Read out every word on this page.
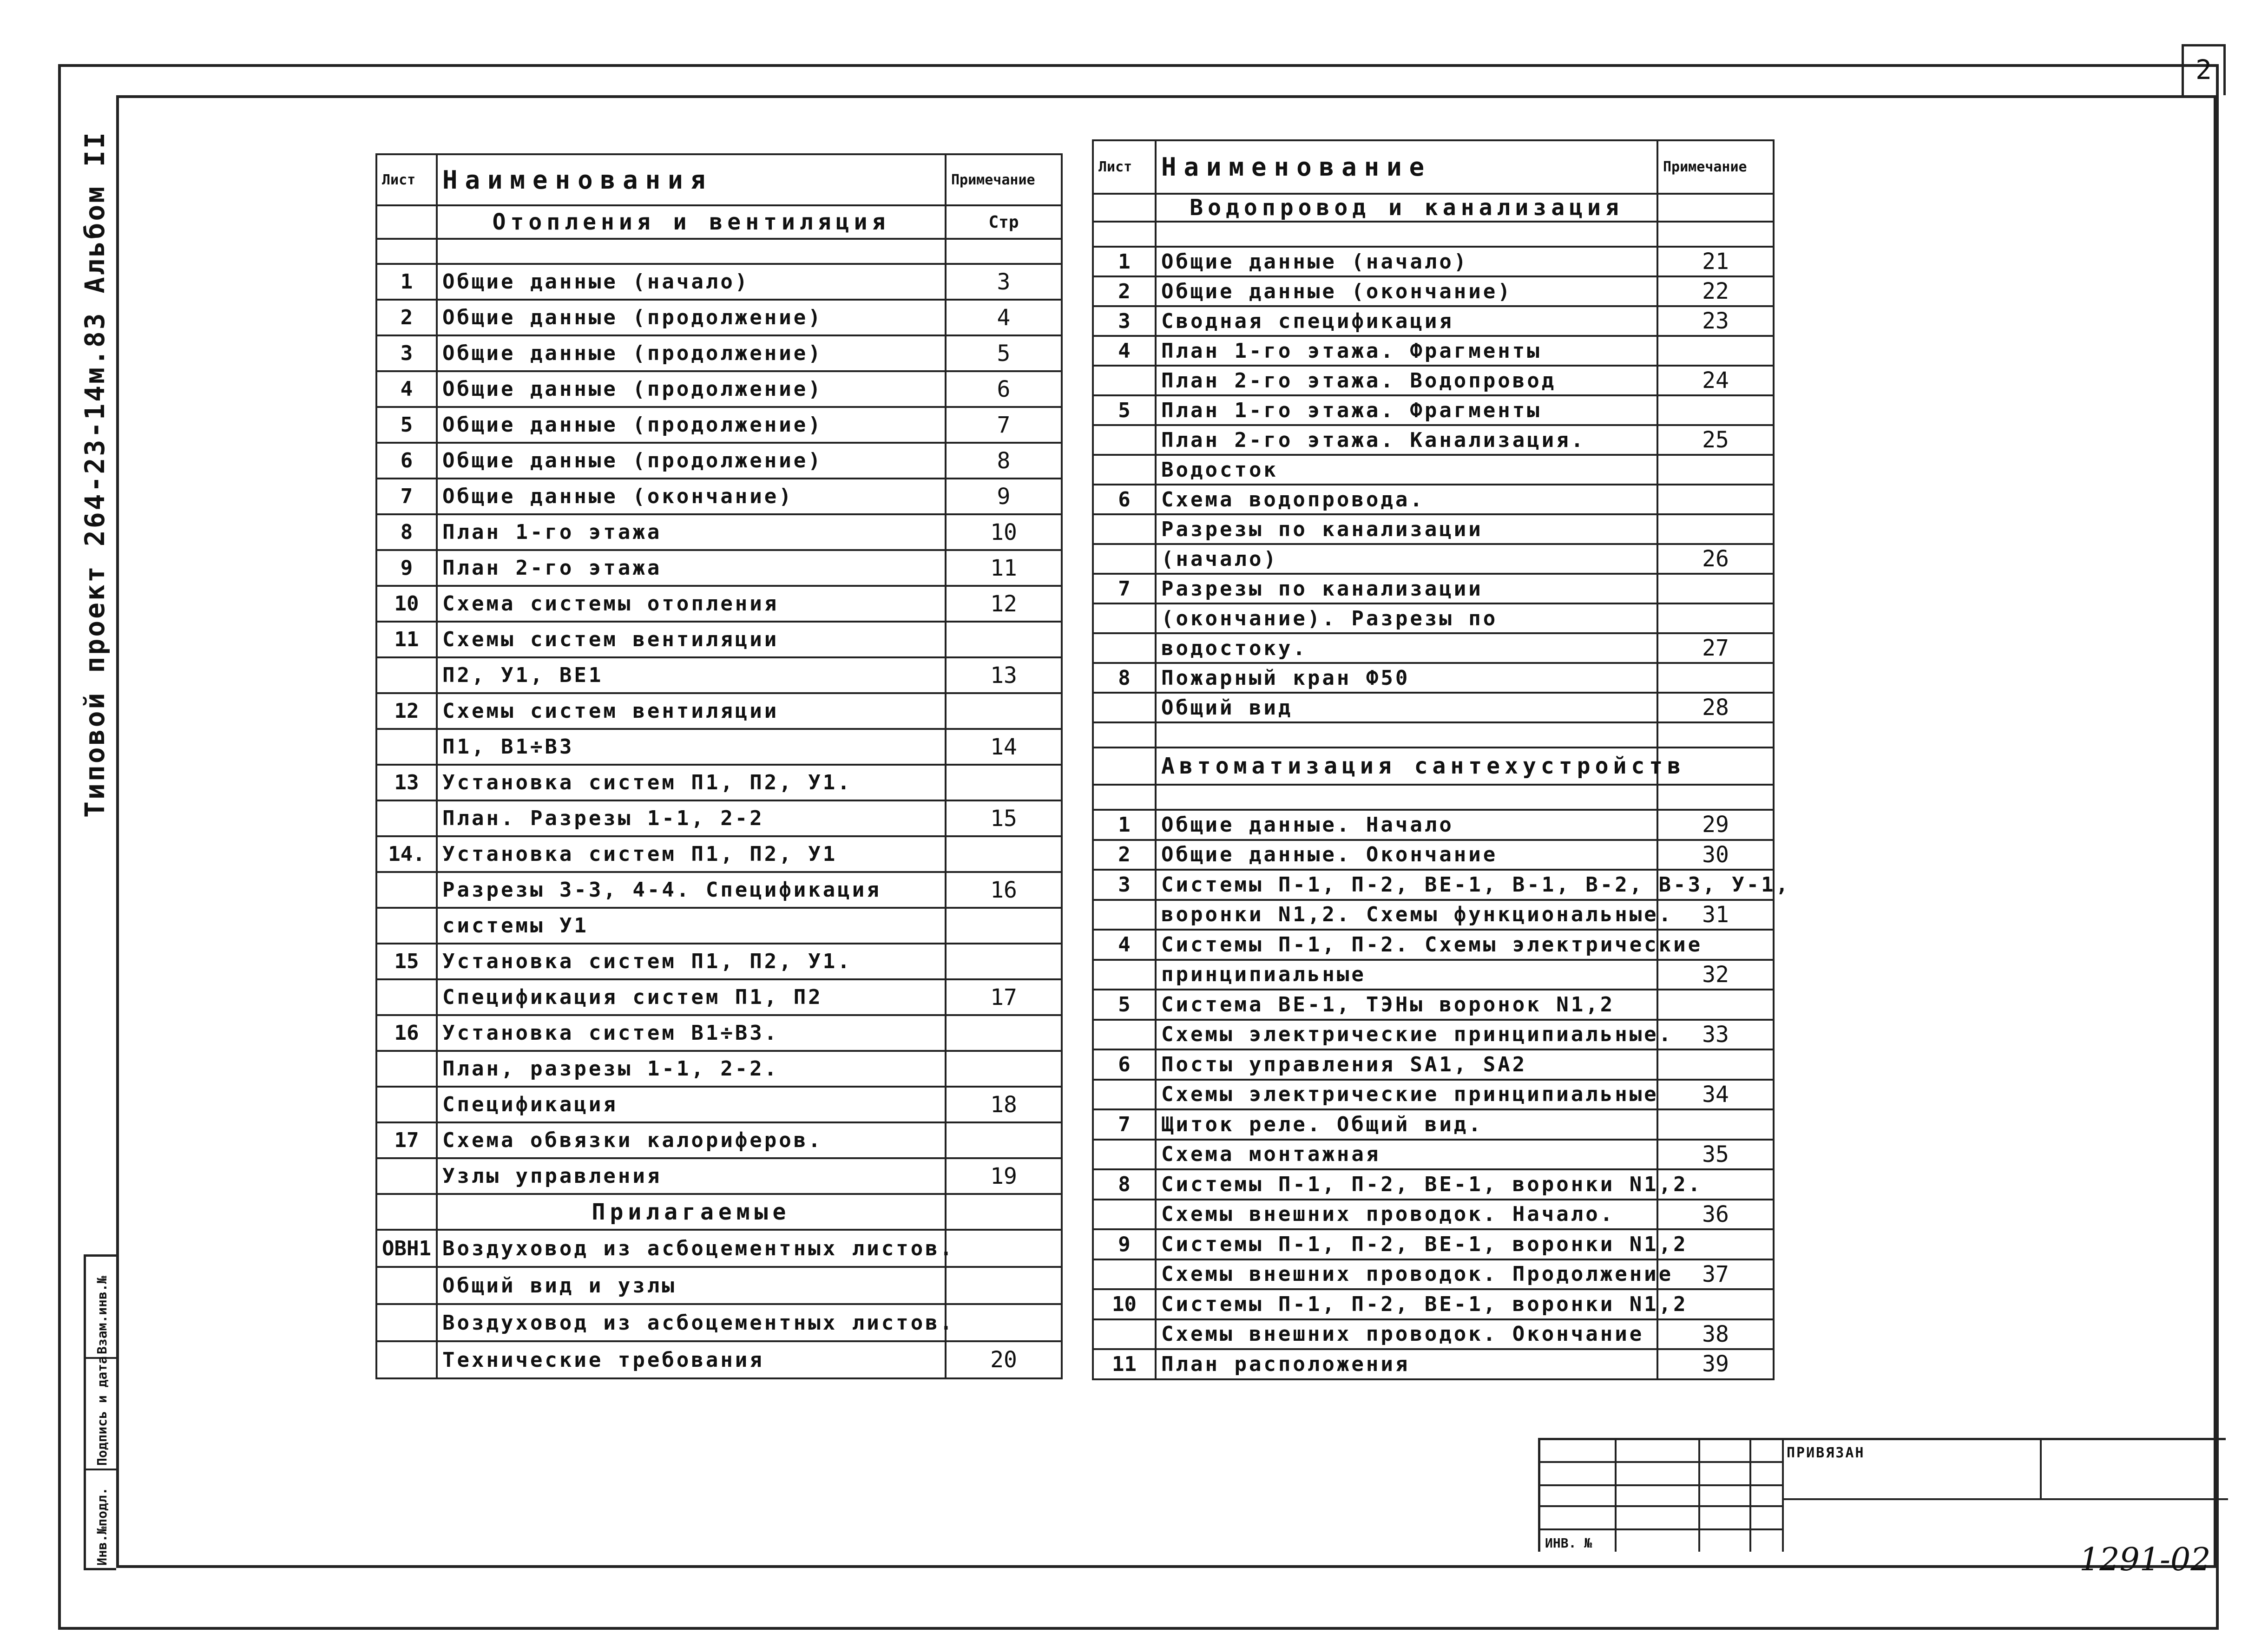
2
Типовой проект 264-23-14м.83 Альбом II
Взам.инв.№
Подпись и дата
Инв.№подл.
Лист	Наименования	Примечание
	Отопления и вентиляция	Стр

1	Общие данные (начало)	3
2	Общие данные (продолжение)	4
3	Общие данные (продолжение)	5
4	Общие данные (продолжение)	6
5	Общие данные (продолжение)	7
6	Общие данные (продолжение)	8
7	Общие данные (окончание)	9
8	План 1-го этажа	10
9	План 2-го этажа	11
10	Схема системы отопления	12
11	Схемы систем вентиляции	
	П2, У1, ВЕ1	13
12	Схемы систем вентиляции	
	П1, В1÷В3	14
13	Установка систем П1, П2, У1.	
	План. Разрезы 1-1, 2-2	15
14.	Установка систем П1, П2, У1	
	Разрезы 3-3, 4-4. Спецификация	16
	системы У1	
15	Установка систем П1, П2, У1.	
	Спецификация систем П1, П2	17
16	Установка систем В1÷В3.	
	План, разрезы 1-1, 2-2.	
	Спецификация	18
17	Схема обвязки калориферов.	
	Узлы управления	19
	Прилагаемые	
ОВН1	Воздуховод из асбоцементных листов.	
	Общий вид и узлы	
	Воздуховод из асбоцементных листов.	
	Технические требования	20
Лист	Наименование	Примечание
	Водопровод и канализация	

1	Общие данные (начало)	21
2	Общие данные (окончание)	22
3	Сводная спецификация	23
4	План 1-го этажа. Фрагменты	
	План 2-го этажа. Водопровод	24
5	План 1-го этажа. Фрагменты	
	План 2-го этажа. Канализация.	25
	Водосток	
6	Схема водопровода.	
	Разрезы по канализации	
	(начало)	26
7	Разрезы по канализации	
	(окончание). Разрезы по	
	водостоку.	27
8	Пожарный кран Ф50	
	Общий вид	28

	Автоматизация сантехустройств	

1	Общие данные. Начало	29
2	Общие данные. Окончание	30
3	Системы П-1, П-2, ВЕ-1, В-1, В-2, В-3, У-1,	
	воронки N1,2. Схемы функциональные.	31
4	Системы П-1, П-2. Схемы электрические	
	принципиальные	32
5	Система ВЕ-1, ТЭНы воронок N1,2	
	Схемы электрические принципиальные.	33
6	Посты управления SA1, SA2	
	Схемы электрические принципиальные	34
7	Щиток реле. Общий вид.	
	Схема монтажная	35
8	Системы П-1, П-2, ВЕ-1, воронки N1,2.	
	Схемы внешних проводок. Начало.	36
9	Системы П-1, П-2, ВЕ-1, воронки N1,2	
	Схемы внешних проводок. Продолжение	37
10	Системы П-1, П-2, ВЕ-1, воронки N1,2	
	Схемы внешних проводок. Окончание	38
11	План расположения	39
ПРИВЯЗАН
ИНВ. №	1291-02
